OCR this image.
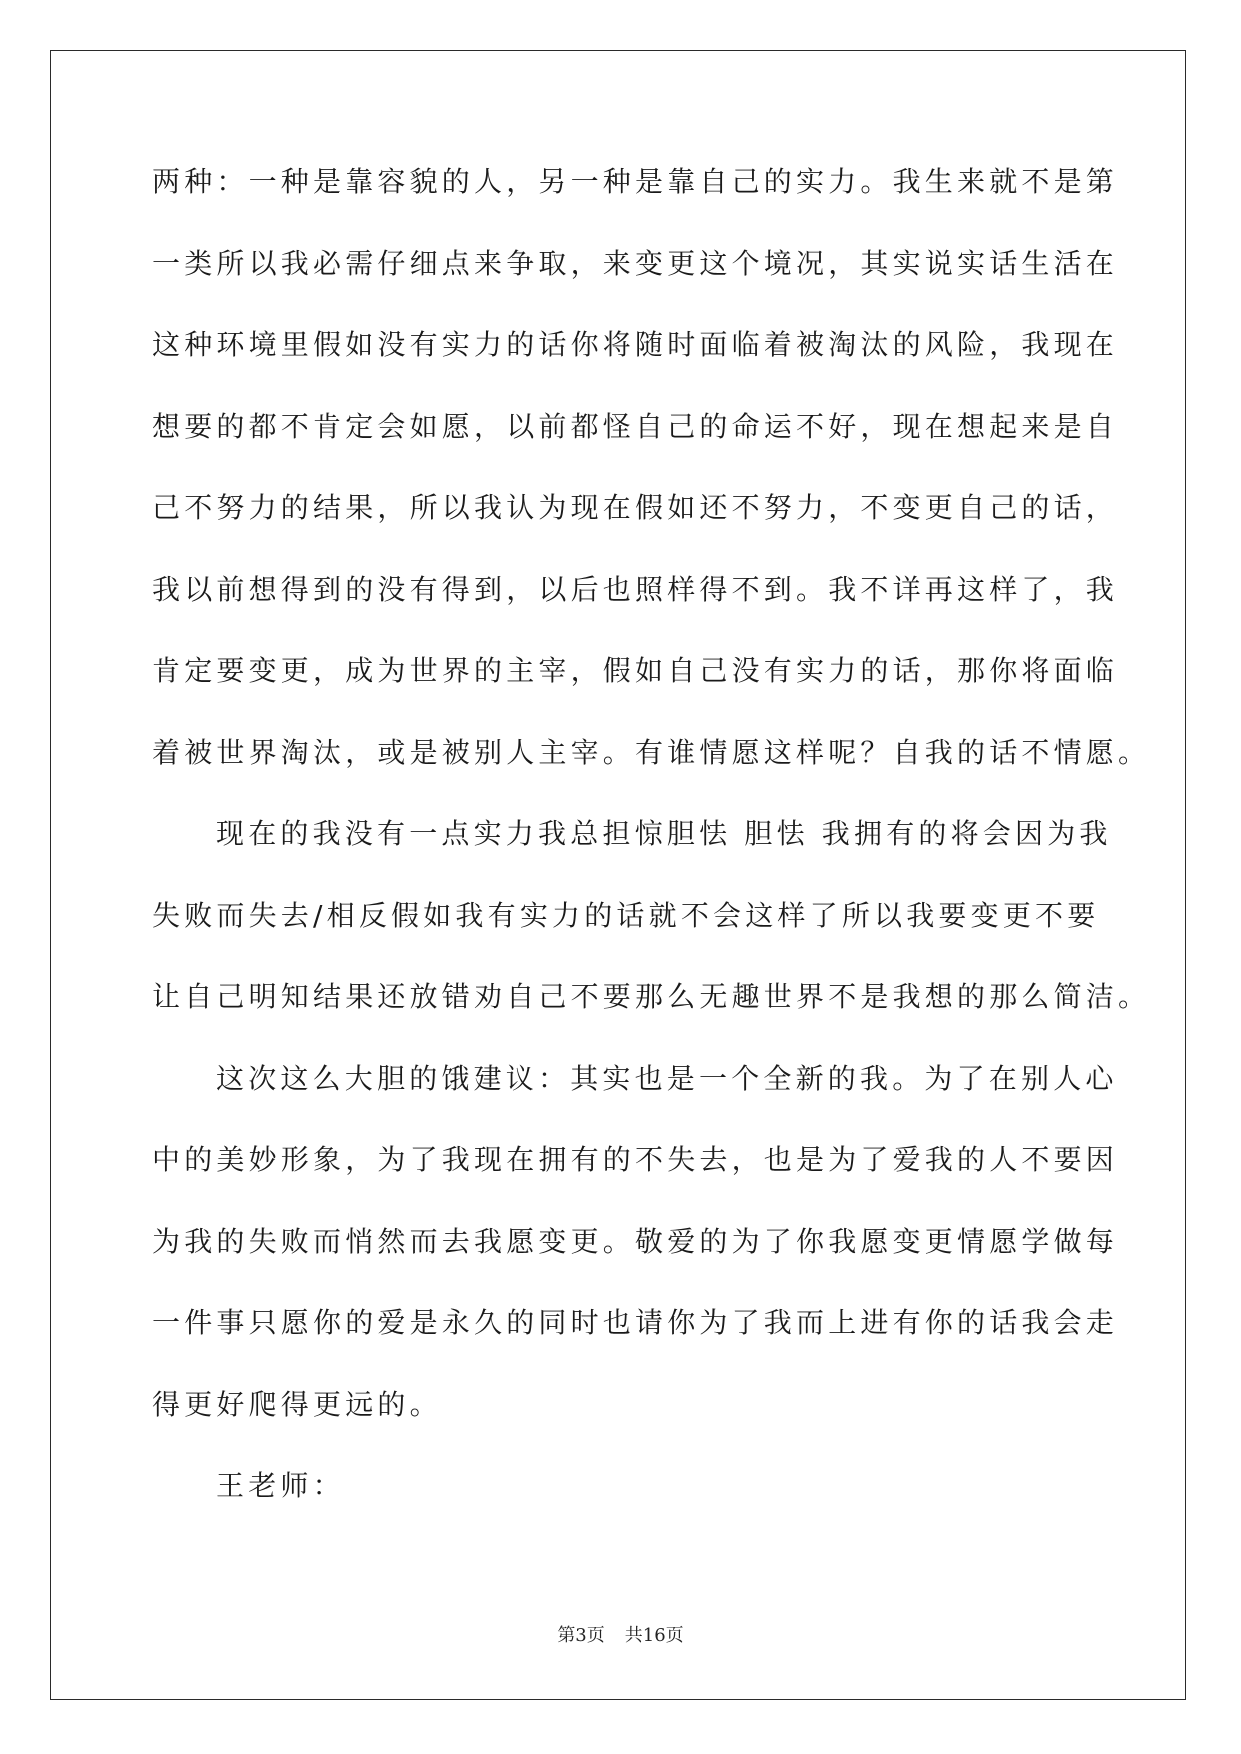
两种：一种是靠容貌的人，另一种是靠自己的实力。我生来就不是第
一类所以我必需仔细点来争取，来变更这个境况，其实说实话生活在
这种环境里假如没有实力的话你将随时面临着被淘汰的风险，我现在
想要的都不肯定会如愿，以前都怪自己的命运不好，现在想起来是自
己不努力的结果，所以我认为现在假如还不努力，不变更自己的话，
我以前想得到的没有得到，以后也照样得不到。我不详再这样了，我
肯定要变更，成为世界的主宰，假如自己没有实力的话，那你将面临
着被世界淘汰，或是被别人主宰。有谁情愿这样呢？自我的话不情愿。
现在的我没有一点实力我总担惊胆怯 胆怯 我拥有的将会因为我
失败而失去/相反假如我有实力的话就不会这样了所以我要变更不要
让自己明知结果还放错劝自己不要那么无趣世界不是我想的那么简洁。
这次这么大胆的饿建议：其实也是一个全新的我。为了在别人心
中的美妙形象，为了我现在拥有的不失去，也是为了爱我的人不要因
为我的失败而悄然而去我愿变更。敬爱的为了你我愿变更情愿学做每
一件事只愿你的爱是永久的同时也请你为了我而上进有你的话我会走
得更好爬得更远的。
王老师：
第3页 共16页
